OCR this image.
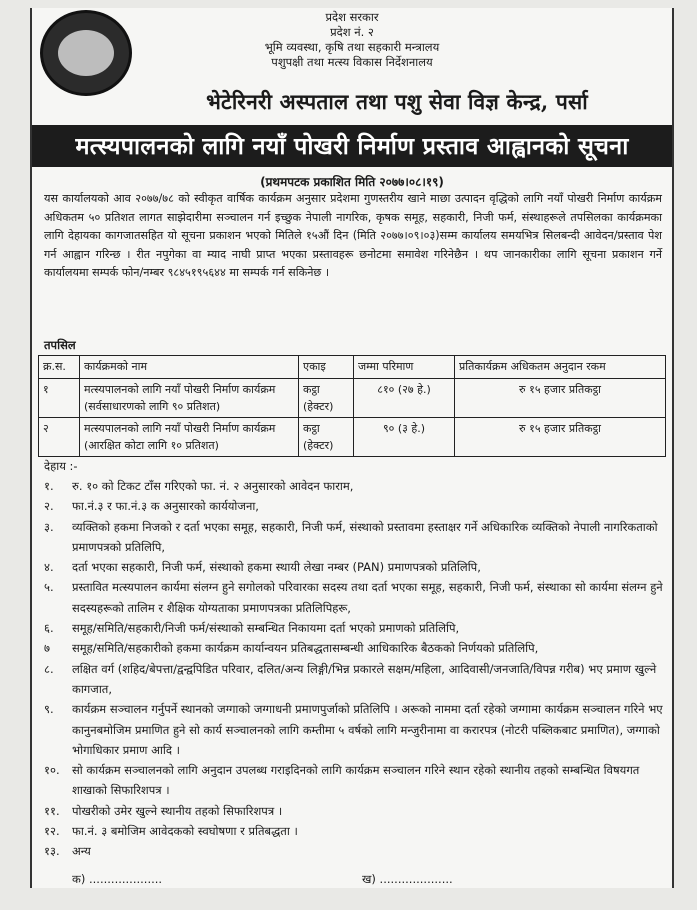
प्रदेश सरकार
प्रदेश नं. २
भूमि व्यवस्था, कृषि तथा सहकारी मन्त्रालय
पशुपक्षी तथा मत्स्य विकास निर्देशनालय
भेटेरिनरी अस्पताल तथा पशु सेवा विज्ञ केन्द्र, पर्सा
मत्स्यपालनको लागि नयाँ पोखरी निर्माण प्रस्ताव आह्वानको सूचना
(प्रथमपटक प्रकाशित मिति २०७७।०८।१९)
यस कार्यालयको आव २०७७/७८ को स्वीकृत वार्षिक कार्यक्रम अनुसार प्रदेशमा गुणस्तरीय खाने माछा उत्पादन वृद्धिको लागि नयाँ पोखरी निर्माण कार्यक्रम अधिकतम ५० प्रतिशत लागत साझेदारीमा सञ्चालन गर्न इच्छुक नेपाली नागरिक, कृषक समूह, सहकारी, निजी फर्म, संस्थाहरूले तपसिलका कार्यक्रमका लागि देहायका कागजातसहित यो सूचना प्रकाशन भएको मितिले १५औं दिन (मिति २०७७।०९।०३)सम्म कार्यालय समयभित्र सिलबन्दी आवेदन/प्रस्ताव पेश गर्न आह्वान गरिन्छ । रीत नपुगेका वा म्याद नाघी प्राप्त भएका प्रस्तावहरू छनोटमा समावेश गरिनेछैन । थप जानकारीका लागि सूचना प्रकाशन गर्ने कार्यालयमा सम्पर्क फोन/नम्बर ९८४५१९५६४४ मा सम्पर्क गर्न सकिनेछ ।
तपसिल
क्र.स.	कार्यक्रमको नाम	एकाइ	जम्मा परिमाण	प्रतिकार्यक्रम अधिकतम अनुदान रकम
१	मत्स्यपालनको लागि नयाँ पोखरी निर्माण कार्यक्रम (सर्वसाधारणको लागि ९० प्रतिशत)	कट्ठा (हेक्टर)	८१० (२७ हे.)	रु १५ हजार प्रतिकट्ठा
२	मत्स्यपालनको लागि नयाँ पोखरी निर्माण कार्यक्रम (आरक्षित कोटा लागि १० प्रतिशत)	कट्ठा (हेक्टर)	९० (३ हे.)	रु १५ हजार प्रतिकट्ठा
देहाय :-
१.	रु. १० को टिकट टाँस गरिएको फा. नं. २ अनुसारको आवेदन फाराम,
२.	फा.नं.३ र फा.नं.३ क अनुसारको कार्ययोजना,
३.	व्यक्तिको हकमा निजको र दर्ता भएका समूह, सहकारी, निजी फर्म, संस्थाको प्रस्तावमा हस्ताक्षर गर्ने अधिकारिक व्यक्तिको नेपाली नागरिकताको प्रमाणपत्रको प्रतिलिपि,
४.	दर्ता भएका सहकारी, निजी फर्म, संस्थाको हकमा स्थायी लेखा नम्बर (PAN) प्रमाणपत्रको प्रतिलिपि,
५.	प्रस्तावित मत्स्यपालन कार्यमा संलग्न हुने सगोलको परिवारका सदस्य तथा दर्ता भएका समूह, सहकारी, निजी फर्म, संस्थाका सो कार्यमा संलग्न हुने सदस्यहरूको तालिम र शैक्षिक योग्यताका प्रमाणपत्रका प्रतिलिपिहरू,
६.	समूह/समिति/सहकारी/निजी फर्म/संस्थाको सम्बन्धित निकायमा दर्ता भएको प्रमाणको प्रतिलिपि,
७	समूह/समिति/सहकारीको हकमा कार्यक्रम कार्यान्वयन प्रतिबद्धतासम्बन्धी आधिकारिक बैठकको निर्णयको प्रतिलिपि,
८.	लक्षित वर्ग (शहिद/बेपत्ता/द्वन्द्वपिडित परिवार, दलित/अन्य लिङ्गी/भिन्न प्रकारले सक्षम/महिला, आदिवासी/जनजाति/विपन्न गरीब) भए प्रमाण खुल्ने कागजात,
९.	कार्यक्रम सञ्चालन गर्नुपर्ने स्थानको जग्गाको जग्गाधनी प्रमाणपुर्जाको प्रतिलिपि । अरूको नाममा दर्ता रहेको जग्गामा कार्यक्रम सञ्चालन गरिने भए कानुनबमोजिम प्रमाणित हुने सो कार्य सञ्चालनको लागि कम्तीमा ५ वर्षको लागि मन्जुरीनामा वा करारपत्र (नोटरी पब्लिकबाट प्रमाणित), जग्गाको भोगाधिकार प्रमाण आदि ।
१०.	सो कार्यक्रम सञ्चालनको लागि अनुदान उपलब्ध गराइदिनको लागि कार्यक्रम सञ्चालन गरिने स्थान रहेको स्थानीय तहको सम्बन्धित विषयगत शाखाको सिफारिशपत्र ।
११.	पोखरीको उमेर खुल्ने स्थानीय तहको सिफारिशपत्र ।
१२.	फा.नं. ३ बमोजिम आवेदकको स्वघोषणा र प्रतिबद्धता ।
१३.	अन्य
क) ....................	ख) ....................
